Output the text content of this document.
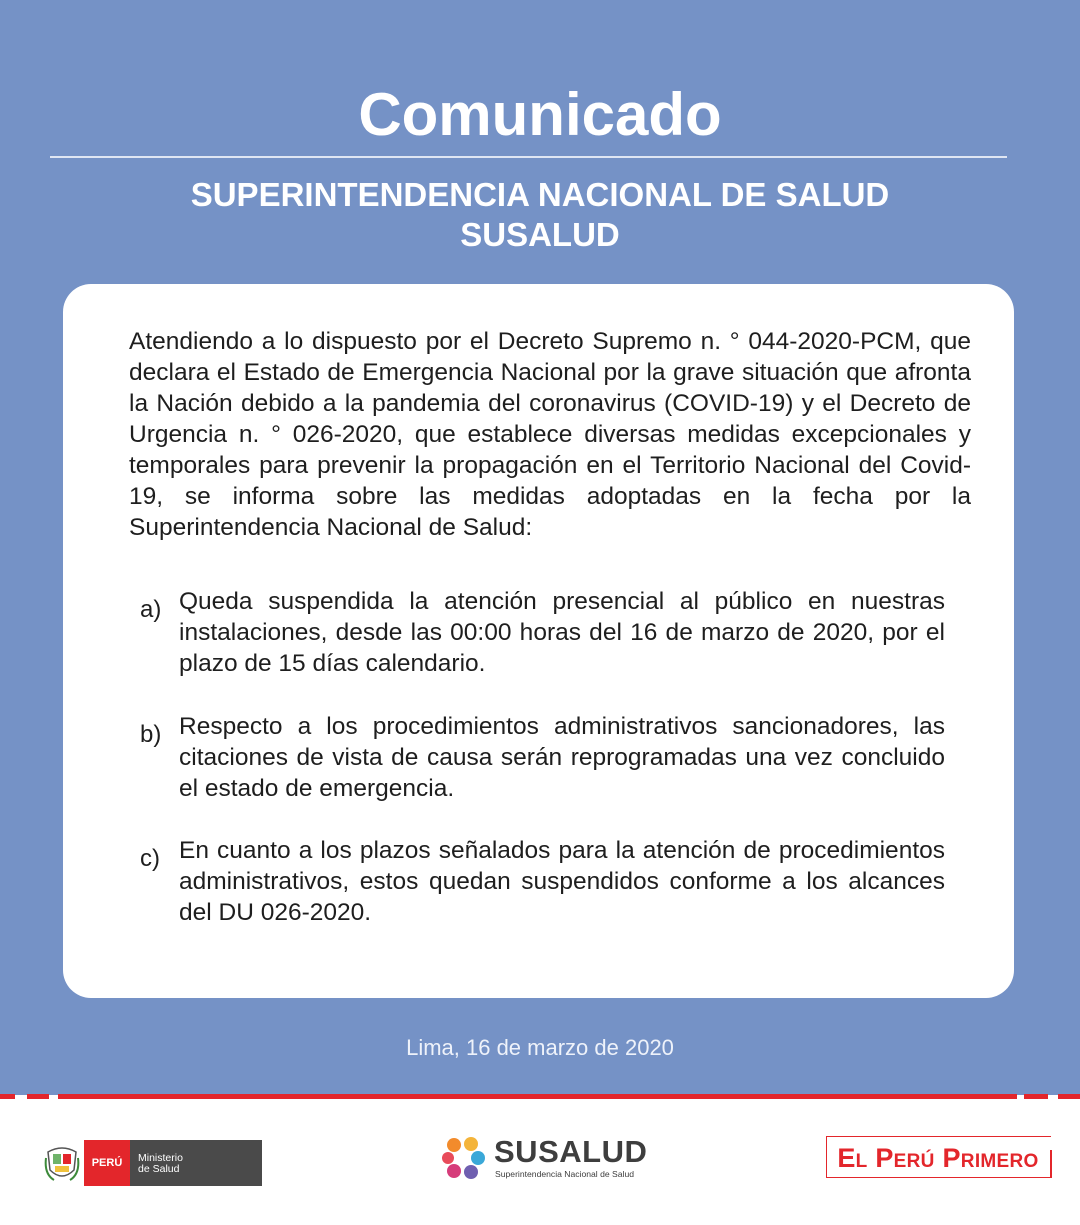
Comunicado
SUPERINTENDENCIA NACIONAL DE SALUD
SUSALUD

Atendiendo a lo dispuesto por el Decreto Supremo n. ° 044-2020-PCM, que declara el Estado de Emergencia Nacional por la grave situación que afronta la Nación debido a la pandemia del coronavirus (COVID-19) y el Decreto de Urgencia n. ° 026-2020, que establece diversas medidas excepcionales y temporales para prevenir la propagación en el Territorio Nacional del Covid-19, se informa sobre las medidas adoptadas en la fecha por la Superintendencia Nacional de Salud:

a) Queda suspendida la atención presencial al público en nuestras instalaciones, desde las 00:00 horas del 16 de marzo de 2020, por el plazo de 15 días calendario.

b) Respecto a los procedimientos administrativos sancionadores, las citaciones de vista de causa serán reprogramadas una vez concluido el estado de emergencia.

c) En cuanto a los plazos señalados para la atención de procedimientos administrativos, estos quedan suspendidos conforme a los alcances del DU 026-2020.

Lima, 16 de marzo de 2020
PERÚ	Ministerio
de Salud	SUSALUD
Superintendencia Nacional de Salud
El Perú Primero
